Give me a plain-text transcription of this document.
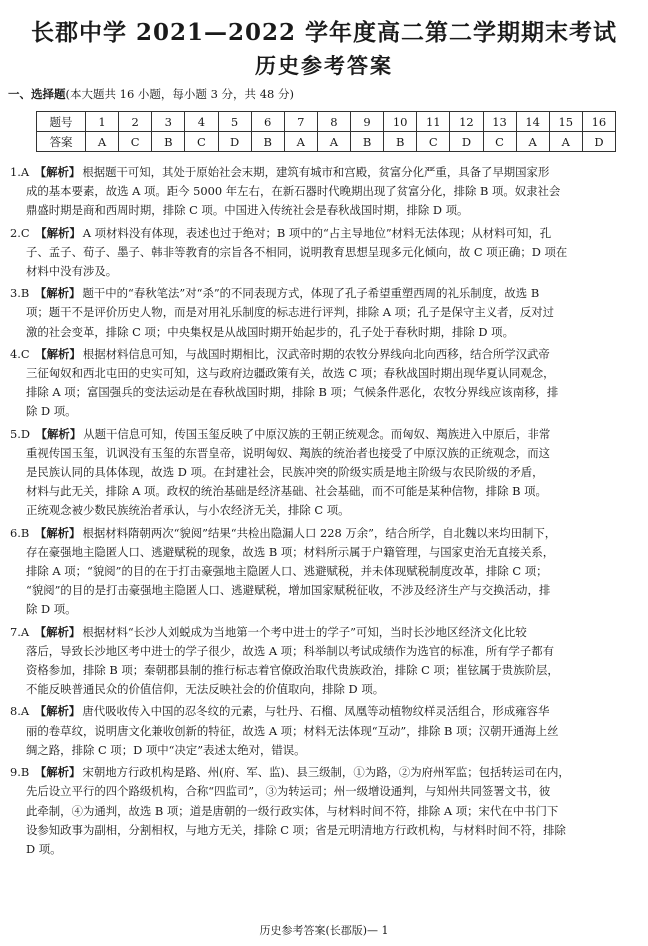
长郡中学 2021—2022 学年度高二第二学期期末考试
历史参考答案
一、选择题(本大题共 16 小题，每小题 3 分，共 48 分)
题号	1	2	3	4	5	6	7	8	9	10	11	12	13	14	15	16
答案	A	C	B	C	D	B	A	A	B	B	C	D	C	A	A	D
1.A 【解析】 根据题干可知，其处于原始社会末期，建筑有城市和宫殿，贫富分化严重，具备了早期国家形
成的基本要素，故选 A 项。距今 5000 年左右，在新石器时代晚期出现了贫富分化，排除 B 项。奴隶社会
鼎盛时期是商和西周时期，排除 C 项。中国进入传统社会是春秋战国时期，排除 D 项。
2.C 【解析】 A 项材料没有体现，表述也过于绝对；B 项中的“占主导地位”材料无法体现；从材料可知，孔
子、孟子、荀子、墨子、韩非等教育的宗旨各不相同，说明教育思想呈现多元化倾向，故 C 项正确；D 项在
材料中没有涉及。
3.B 【解析】 题干中的“春秋笔法”对“杀”的不同表现方式，体现了孔子希望重塑西周的礼乐制度，故选 B
项；题干不是评价历史人物，而是对用礼乐制度的标志进行评判，排除 A 项；孔子是保守主义者，反对过
激的社会变革，排除 C 项；中央集权是从战国时期开始起步的，孔子处于春秋时期，排除 D 项。
4.C 【解析】 根据材料信息可知，与战国时期相比，汉武帝时期的农牧分界线向北向西移，结合所学汉武帝
三征匈奴和西北屯田的史实可知，这与政府边疆政策有关，故选 C 项；春秋战国时期出现华夏认同观念，
排除 A 项；富国强兵的变法运动是在春秋战国时期，排除 B 项；气候条件恶化，农牧分界线应该南移，排
除 D 项。
5.D 【解析】 从题干信息可知，传国玉玺反映了中原汉族的王朝正统观念。而匈奴、羯族进入中原后，非常
重视传国玉玺，讥讽没有玉玺的东晋皇帝，说明匈奴、羯族的统治者也接受了中原汉族的正统观念，而这
是民族认同的具体体现，故选 D 项。在封建社会，民族冲突的阶级实质是地主阶级与农民阶级的矛盾，
材料与此无关，排除 A 项。政权的统治基础是经济基础、社会基础，而不可能是某种信物，排除 B 项。
正统观念被少数民族统治者承认，与小农经济无关，排除 C 项。
6.B 【解析】 根据材料隋朝两次“貌阅”结果“共检出隐漏人口 228 万余”，结合所学，自北魏以来均田制下，
存在豪强地主隐匿人口、逃避赋税的现象，故选 B 项；材料所示属于户籍管理，与国家吏治无直接关系，
排除 A 项；“貌阅”的目的在于打击豪强地主隐匿人口、逃避赋税，并未体现赋税制度改革，排除 C 项；
“貌阅”的目的是打击豪强地主隐匿人口、逃避赋税，增加国家赋税征收，不涉及经济生产与交换活动，排
除 D 项。
7.A 【解析】 根据材料“长沙人刘蜕成为当地第一个考中进士的学子”可知，当时长沙地区经济文化比较
落后，导致长沙地区考中进士的学子很少，故选 A 项；科举制以考试成绩作为选官的标准，所有学子都有
资格参加，排除 B 项；秦朝郡县制的推行标志着官僚政治取代贵族政治，排除 C 项；崔铉属于贵族阶层，
不能反映普通民众的价值信仰，无法反映社会的价值取向，排除 D 项。
8.A 【解析】 唐代吸收传入中国的忍冬纹的元素，与牡丹、石榴、凤凰等动植物纹样灵活组合，形成雍容华
丽的卷草纹，说明唐文化兼收创新的特征，故选 A 项；材料无法体现“互动”，排除 B 项；汉朝开通海上丝
绸之路，排除 C 项；D 项中“决定”表述太绝对，错误。
9.B 【解析】 宋朝地方行政机构是路、州(府、军、监)、县三级制，①为路，②为府州军监；包括转运司在内，
先后设立平行的四个路级机构，合称“四监司”，③为转运司；州一级增设通判，与知州共同签署文书，彼
此牵制，④为通判，故选 B 项；道是唐朝的一级行政实体，与材料时间不符，排除 A 项；宋代在中书门下
设参知政事为副相，分割相权，与地方无关，排除 C 项；省是元明清地方行政机构，与材料时间不符，排除
D 项。
历史参考答案(长郡版)— 1
